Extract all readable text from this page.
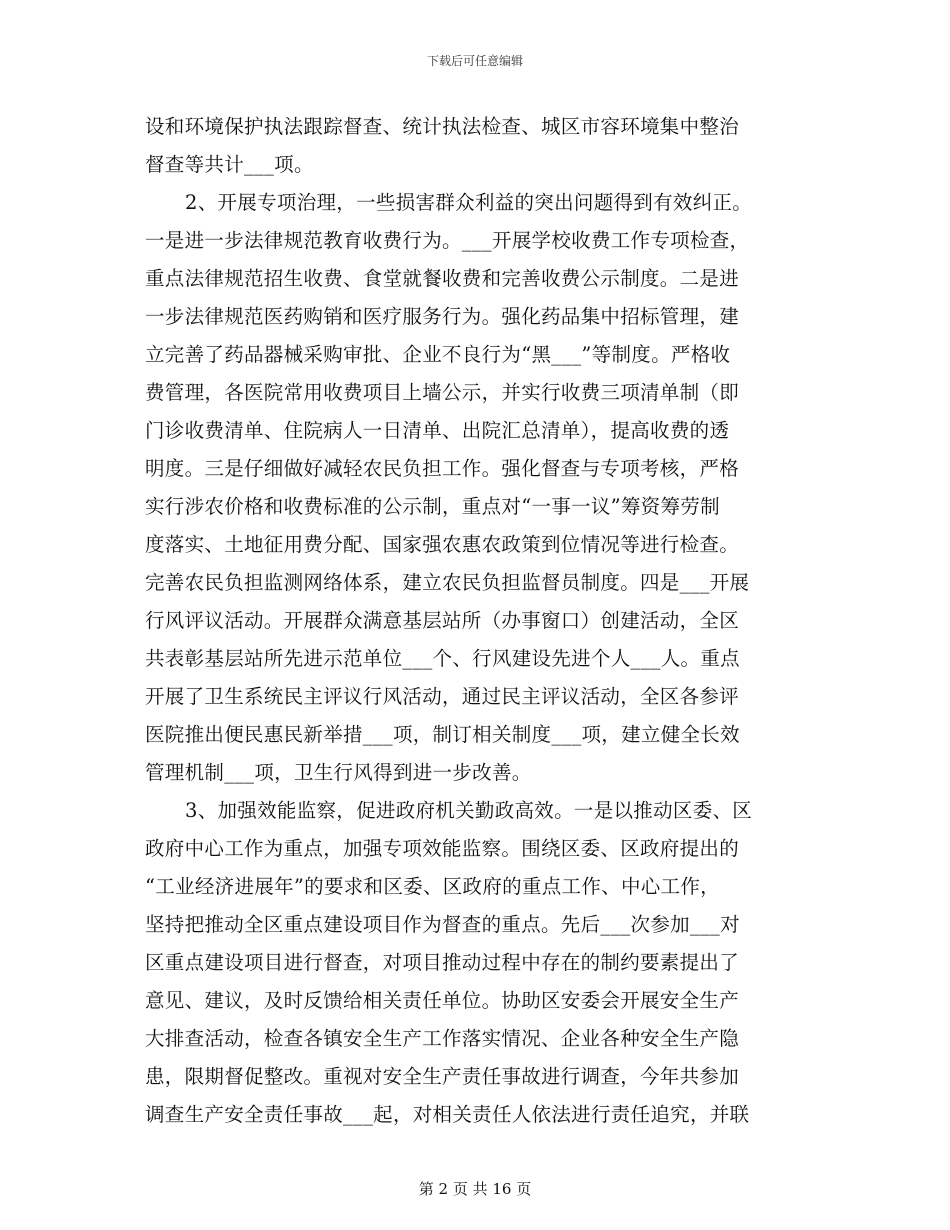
下载后可任意编辑
设和环境保护执法跟踪督查、统计执法检查、城区市容环境集中整治
督查等共计___项。
2、开展专项治理，一些损害群众利益的突出问题得到有效纠正。
一是进一步法律规范教育收费行为。___开展学校收费工作专项检查，
重点法律规范招生收费、食堂就餐收费和完善收费公示制度。二是进
一步法律规范医药购销和医疗服务行为。强化药品集中招标管理，建
立完善了药品器械采购审批、企业不良行为“黑___”等制度。严格收
费管理，各医院常用收费项目上墙公示，并实行收费三项清单制（即
门诊收费清单、住院病人一日清单、出院汇总清单），提高收费的透
明度。三是仔细做好减轻农民负担工作。强化督查与专项考核，严格
实行涉农价格和收费标准的公示制，重点对“一事一议”筹资筹劳制
度落实、土地征用费分配、国家强农惠农政策到位情况等进行检查。
完善农民负担监测网络体系，建立农民负担监督员制度。四是___开展
行风评议活动。开展群众满意基层站所（办事窗口）创建活动，全区
共表彰基层站所先进示范单位___个、行风建设先进个人___人。重点
开展了卫生系统民主评议行风活动，通过民主评议活动，全区各参评
医院推出便民惠民新举措___项，制订相关制度___项，建立健全长效
管理机制___项，卫生行风得到进一步改善。
3、加强效能监察，促进政府机关勤政高效。一是以推动区委、区
政府中心工作为重点，加强专项效能监察。围绕区委、区政府提出的
“工业经济进展年”的要求和区委、区政府的重点工作、中心工作，
坚持把推动全区重点建设项目作为督查的重点。先后___次参加___对
区重点建设项目进行督查，对项目推动过程中存在的制约要素提出了
意见、建议，及时反馈给相关责任单位。协助区安委会开展安全生产
大排查活动，检查各镇安全生产工作落实情况、企业各种安全生产隐
患，限期督促整改。重视对安全生产责任事故进行调查，今年共参加
调查生产安全责任事故___起，对相关责任人依法进行责任追究，并联
第 2 页 共 16 页
